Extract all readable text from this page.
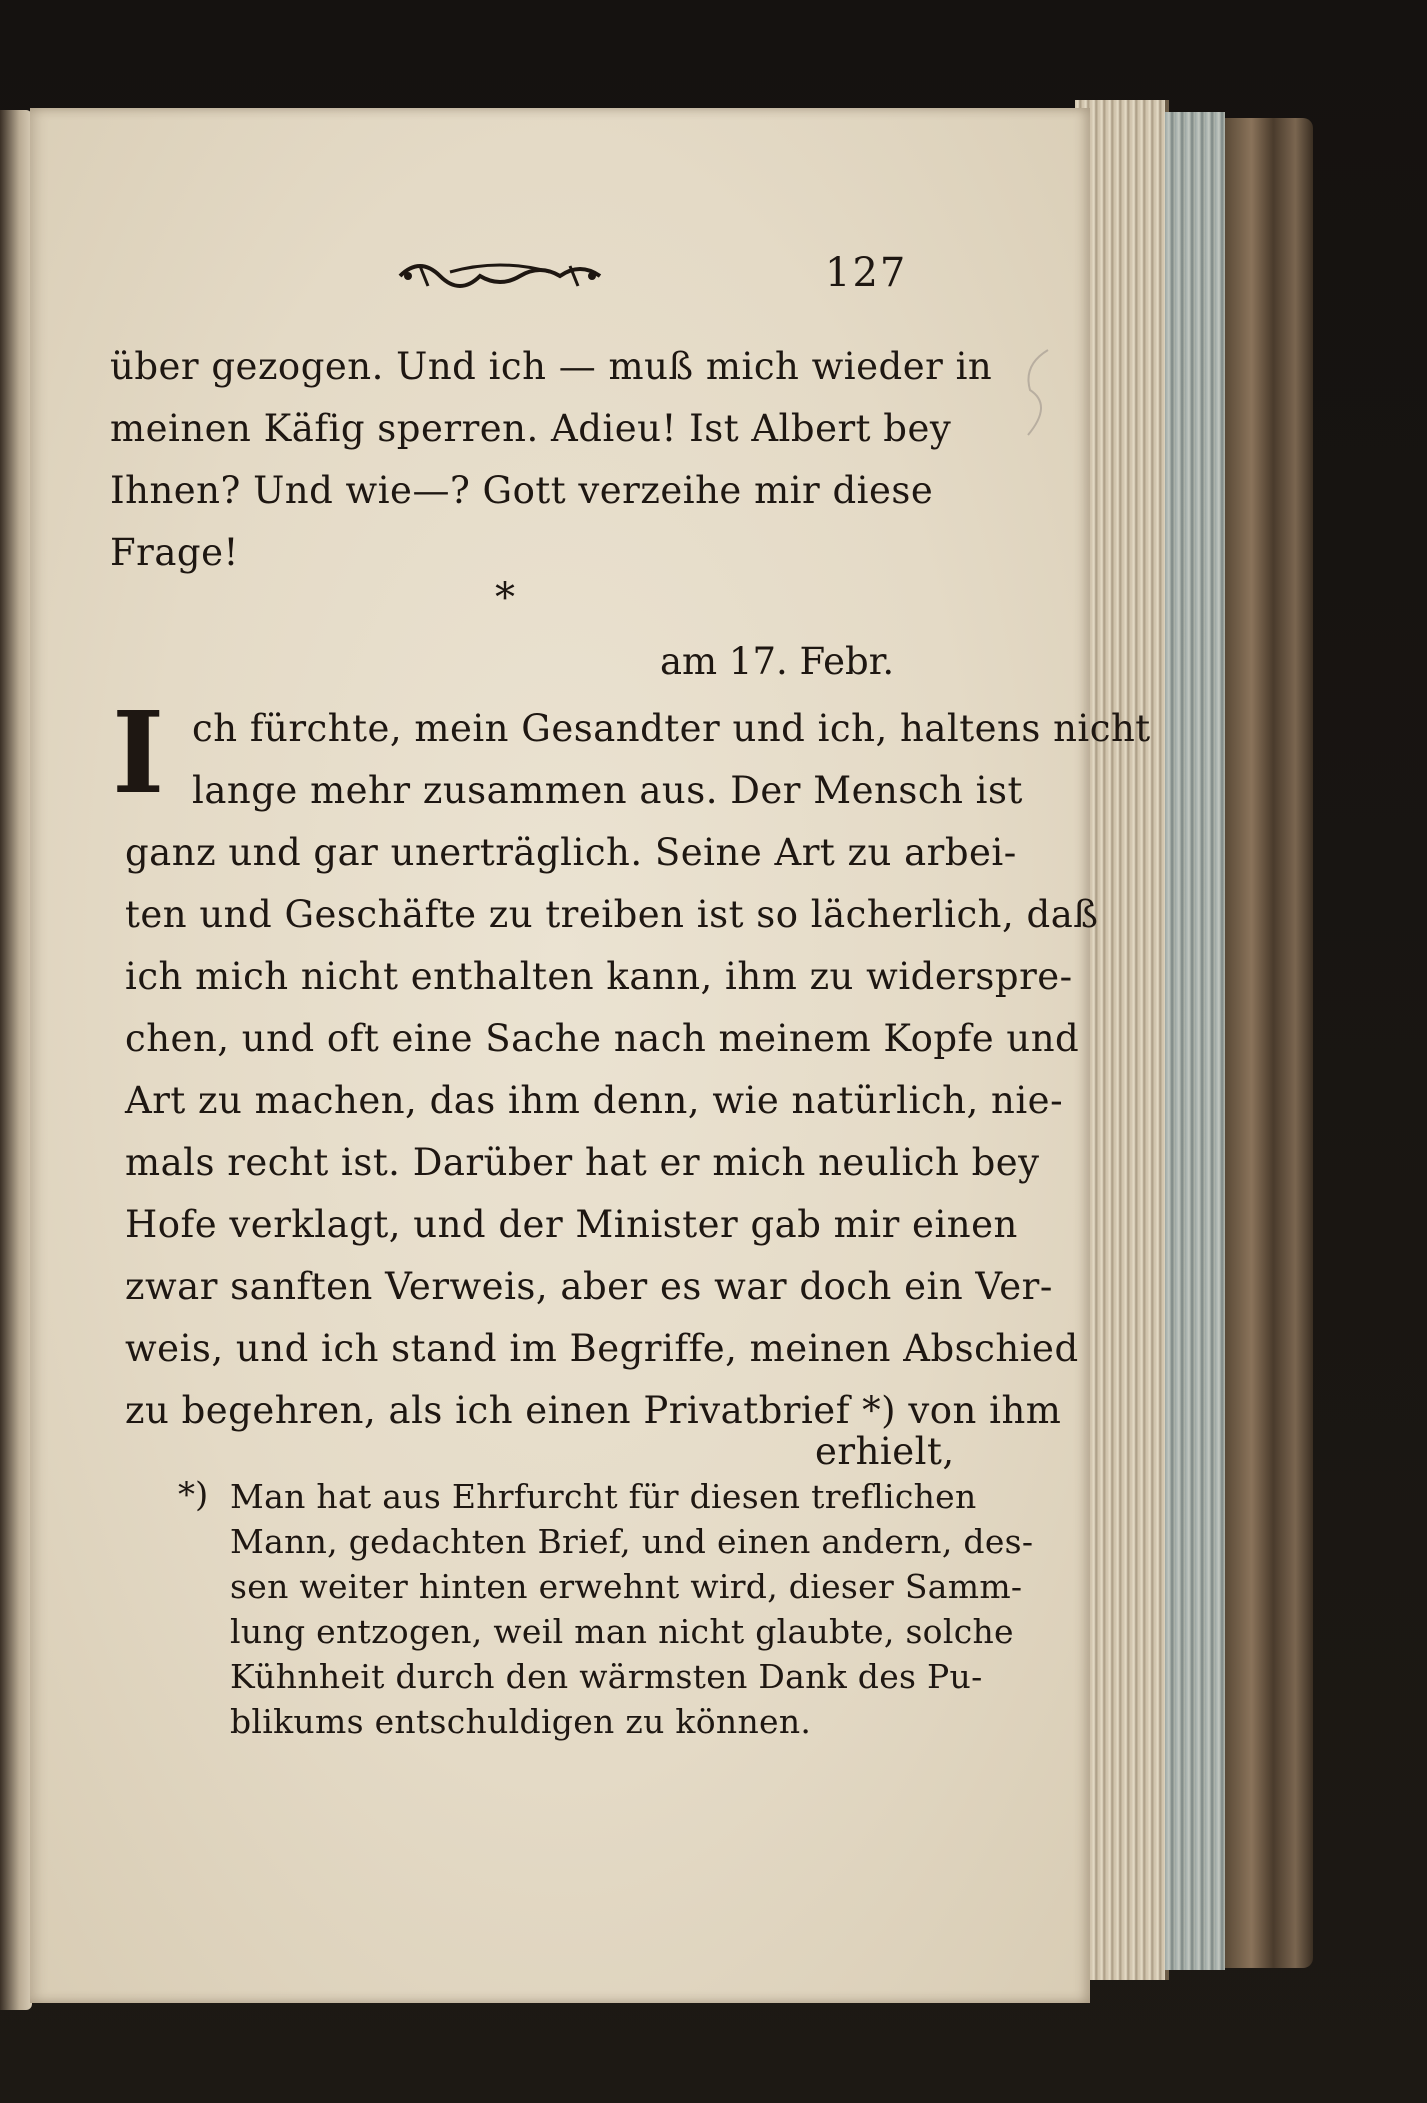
127
über gezogen. Und ich — muß mich wieder in
meinen Käfig sperren. Adieu! Ist Albert bey
Ihnen? Und wie—? Gott verzeihe mir diese
Frage!
*
am 17. Febr.
I ch fürchte, mein Gesandter und ich, haltens nicht
lange mehr zusammen aus. Der Mensch ist
ganz und gar unerträglich. Seine Art zu arbei-
ten und Geschäfte zu treiben ist so lächerlich, daß
ich mich nicht enthalten kann, ihm zu widerspre-
chen, und oft eine Sache nach meinem Kopfe und
Art zu machen, das ihm denn, wie natürlich, nie-
mals recht ist. Darüber hat er mich neulich bey
Hofe verklagt, und der Minister gab mir einen
zwar sanften Verweis, aber es war doch ein Ver-
weis, und ich stand im Begriffe, meinen Abschied
zu begehren, als ich einen Privatbrief *) von ihm
erhielt,
*) Man hat aus Ehrfurcht für diesen treflichen
Mann, gedachten Brief, und einen andern, des-
sen weiter hinten erwehnt wird, dieser Samm-
lung entzogen, weil man nicht glaubte, solche
Kühnheit durch den wärmsten Dank des Pu-
blikums entschuldigen zu können.
